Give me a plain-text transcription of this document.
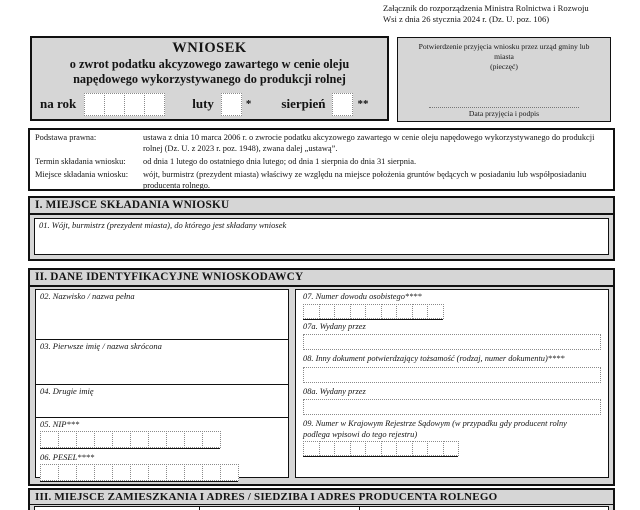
Załącznik do rozporządzenia Ministra Rolnictwa i Rozwoju
Wsi z dnia 26 stycznia 2024 r. (Dz. U. poz. 106)
WNIOSEK
o zwrot podatku akcyzowego zawartego w cenie oleju
napędowego wykorzystywanego do produkcji rolnej
na rok	luty	* sierpień	**
Potwierdzenie przyjęcia wniosku przez urząd gminy lub miasta
(pieczęć)
Data przyjęcia i podpis
Podstawa prawna:	ustawa z dnia 10 marca 2006 r. o zwrocie podatku akcyzowego zawartego w cenie oleju napędowego wykorzystywanego do produkcji rolnej (Dz. U. z 2023 r. poz. 1948), zwana dalej „ustawą”.
Termin składania wniosku:	od dnia 1 lutego do ostatniego dnia lutego; od dnia 1 sierpnia do dnia 31 sierpnia.
Miejsce składania wniosku:	wójt, burmistrz (prezydent miasta) właściwy ze względu na miejsce położenia gruntów będących w posiadaniu lub współposiadaniu producenta rolnego.
I. MIEJSCE SKŁADANIA WNIOSKU
01. Wójt, burmistrz (prezydent miasta), do którego jest składany wniosek
II. DANE IDENTYFIKACYJNE WNIOSKODAWCY
02. Nazwisko / nazwa pełna
03. Pierwsze imię / nazwa skrócona
04. Drugie imię
05. NIP***
06. PESEL****
07. Numer dowodu osobistego****
07a. Wydany przez
08. Inny dokument potwierdzający tożsamość (rodzaj, numer dokumentu)****
08a. Wydany przez
09. Numer w Krajowym Rejestrze Sądowym (w przypadku gdy producent rolny podlega wpisowi do tego rejestru)
III. MIEJSCE ZAMIESZKANIA I ADRES / SIEDZIBA I ADRES PRODUCENTA ROLNEGO
